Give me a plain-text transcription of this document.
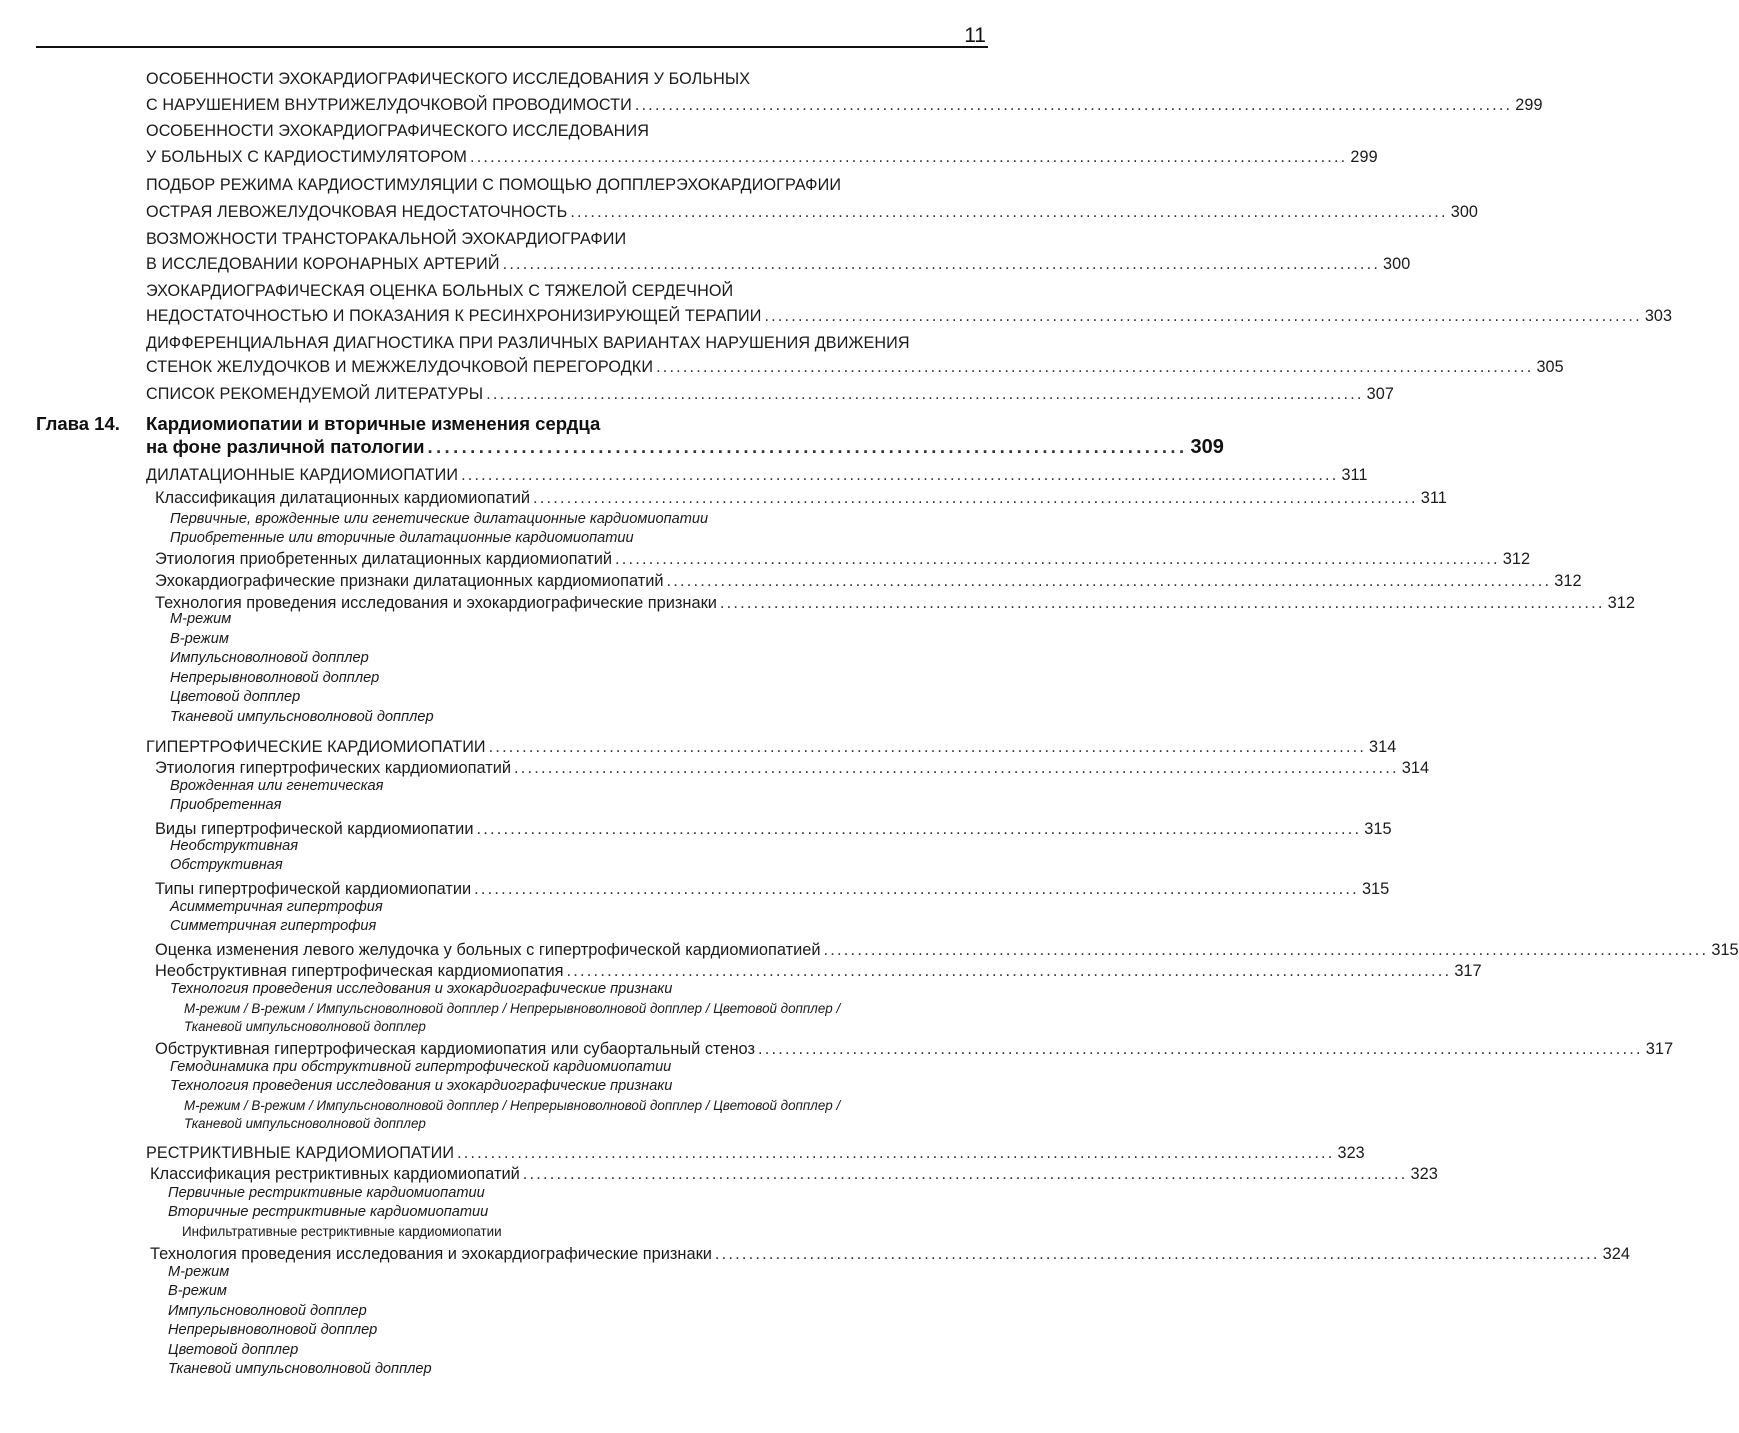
11
ОСОБЕННОСТИ ЭХОКАРДИОГРАФИЧЕСКОГО ИССЛЕДОВАНИЯ У БОЛЬНЫХ
С НАРУШЕНИЕМ ВНУТРИЖЕЛУДОЧКОВОЙ ПРОВОДИМОСТИ ................................................................................................................................... 299
ОСОБЕННОСТИ ЭХОКАРДИОГРАФИЧЕСКОГО ИССЛЕДОВАНИЯ
У БОЛЬНЫХ С КАРДИОСТИМУЛЯТОРОМ ................................................................................................................................... 299
ПОДБОР РЕЖИМА КАРДИОСТИМУЛЯЦИИ С ПОМОЩЬЮ ДОППЛЕРЭХОКАРДИОГРАФИИ
ОСТРАЯ ЛЕВОЖЕЛУДОЧКОВАЯ НЕДОСТАТОЧНОСТЬ ................................................................................................................................... 300
ВОЗМОЖНОСТИ ТРАНСТОРАКАЛЬНОЙ ЭХОКАРДИОГРАФИИ
В ИССЛЕДОВАНИИ КОРОНАРНЫХ АРТЕРИЙ ................................................................................................................................... 300
ЭХОКАРДИОГРАФИЧЕСКАЯ ОЦЕНКА БОЛЬНЫХ С ТЯЖЕЛОЙ СЕРДЕЧНОЙ
НЕДОСТАТОЧНОСТЬЮ И ПОКАЗАНИЯ К РЕСИНХРОНИЗИРУЮЩЕЙ ТЕРАПИИ ................................................................................................................................... 303
ДИФФЕРЕНЦИАЛЬНАЯ ДИАГНОСТИКА ПРИ РАЗЛИЧНЫХ ВАРИАНТАХ НАРУШЕНИЯ ДВИЖЕНИЯ
СТЕНОК ЖЕЛУДОЧКОВ И МЕЖЖЕЛУДОЧКОВОЙ ПЕРЕГОРОДКИ ................................................................................................................................... 305
СПИСОК РЕКОМЕНДУЕМОЙ ЛИТЕРАТУРЫ ................................................................................................................................... 307
Глава 14. Кардиомиопатии и вторичные изменения сердца
на фоне различной патологии ......................................................................................... 309
ДИЛАТАЦИОННЫЕ КАРДИОМИОПАТИИ ................................................................................................................................... 311
Классификация дилатационных кардиомиопатий ................................................................................................................................... 311
Первичные, врожденные или генетические дилатационные кардиомиопатии
Приобретенные или вторичные дилатационные кардиомиопатии
Этиология приобретенных дилатационных кардиомиопатий ................................................................................................................................... 312
Эхокардиографические признаки дилатационных кардиомиопатий ................................................................................................................................... 312
Технология проведения исследования и эхокардиографические признаки ................................................................................................................................... 312
М-режим
В-режим
Импульсноволновой допплер
Непрерывноволновой допплер
Цветовой допплер
Тканевой импульсноволновой допплер
ГИПЕРТРОФИЧЕСКИЕ КАРДИОМИОПАТИИ ................................................................................................................................... 314
Этиология гипертрофических кардиомиопатий ................................................................................................................................... 314
Врожденная или генетическая
Приобретенная
Виды гипертрофической кардиомиопатии ................................................................................................................................... 315
Необструктивная
Обструктивная
Типы гипертрофической кардиомиопатии ................................................................................................................................... 315
Асимметричная гипертрофия
Симметричная гипертрофия
Оценка изменения левого желудочка у больных с гипертрофической кардиомиопатией ................................................................................................................................... 315
Необструктивная гипертрофическая кардиомиопатия ................................................................................................................................... 317
Технология проведения исследования и эхокардиографические признаки
М-режим / В-режим / Импульсноволновой допплер / Непрерывноволновой допплер / Цветовой допплер /
Тканевой импульсноволновой допплер
Обструктивная гипертрофическая кардиомиопатия или субаортальный стеноз ................................................................................................................................... 317
Гемодинамика при обструктивной гипертрофической кардиомиопатии
Технология проведения исследования и эхокардиографические признаки
М-режим / В-режим / Импульсноволновой допплер / Непрерывноволновой допплер / Цветовой допплер /
Тканевой импульсноволновой допплер
РЕСТРИКТИВНЫЕ КАРДИОМИОПАТИИ ................................................................................................................................... 323
Классификация рестриктивных кардиомиопатий ................................................................................................................................... 323
Первичные рестриктивные кардиомиопатии
Вторичные рестриктивные кардиомиопатии
Инфильтративные рестриктивные кардиомиопатии
Технология проведения исследования и эхокардиографические признаки ................................................................................................................................... 324
М-режим
В-режим
Импульсноволновой допплер
Непрерывноволновой допплер
Цветовой допплер
Тканевой импульсноволновой допплер
